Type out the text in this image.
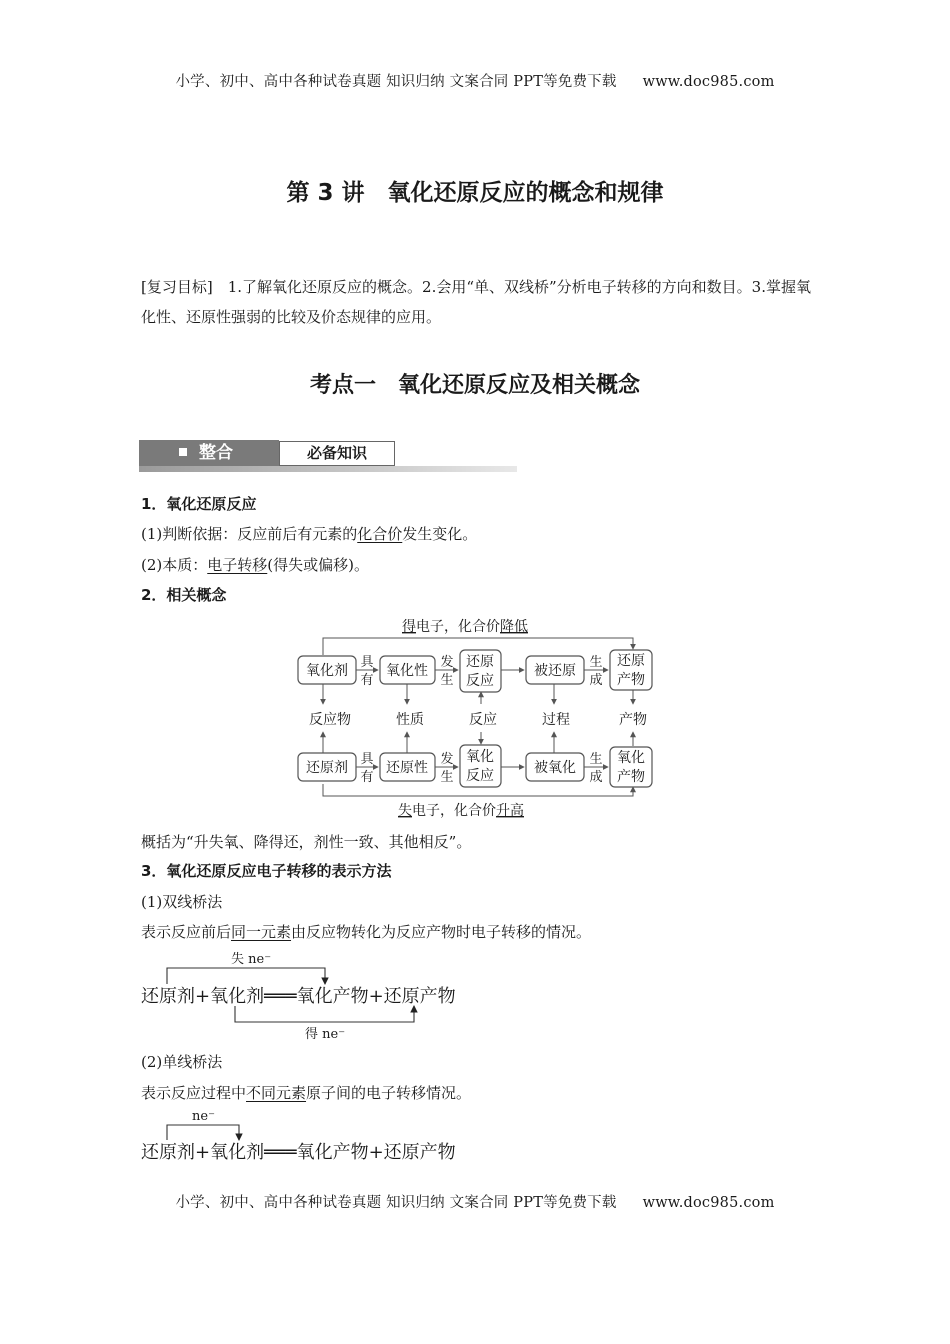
小学、初中、高中各种试卷真题 知识归纳 文案合同 PPT等免费下载 www.doc985.com
第 3 讲　氧化还原反应的概念和规律
[复习目标]　1.了解氧化还原反应的概念。2.会用“单、双线桥”分析电子转移的方向和数目。3.掌握氧化性、还原性强弱的比较及价态规律的应用。
考点一　氧化还原反应及相关概念
整合	必备知识
1．氧化还原反应
(1)判断依据：反应前后有元素的化合价发生变化。
(2)本质：电子转移(得失或偏移)。
2．相关概念
得电子，化合价降低
失电子，化合价升高
氧化剂	氧化性
还原
反应
被还原
还原
产物
具
有
发
生
生
成
反应物	性质	反应	过程	产物
还原剂	还原性
氧化
反应	被氧化
氧化
产物
具
有
发
生
生
成
概括为“升失氧、降得还，剂性一致、其他相反”。
3．氧化还原反应电子转移的表示方法
(1)双线桥法
表示反应前后同一元素由反应物转化为反应产物时电子转移的情况。
失 ne⁻
得 ne⁻
还原剂+氧化剂═══氧化产物+还原产物
(2)单线桥法
表示反应过程中不同元素原子间的电子转移情况。
ne⁻
还原剂+氧化剂═══氧化产物+还原产物
小学、初中、高中各种试卷真题 知识归纳 文案合同 PPT等免费下载 www.doc985.com
